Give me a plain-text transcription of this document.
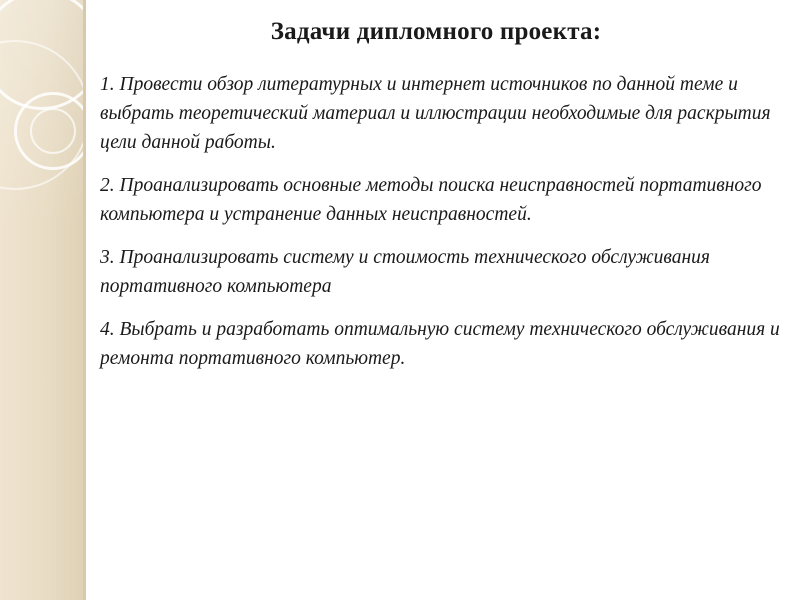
Задачи дипломного проекта:

1. Провести обзор литературных и интернет источников по данной теме и выбрать теоретический материал и иллюстрации необходимые для раскрытия цели данной работы.

2. Проанализировать основные методы поиска неисправностей портативного компьютера и устранение данных неисправностей.

3. Проанализировать систему и стоимость технического обслуживания портативного компьютера

4. Выбрать и разработать оптимальную систему технического обслуживания и ремонта портативного компьютер.
